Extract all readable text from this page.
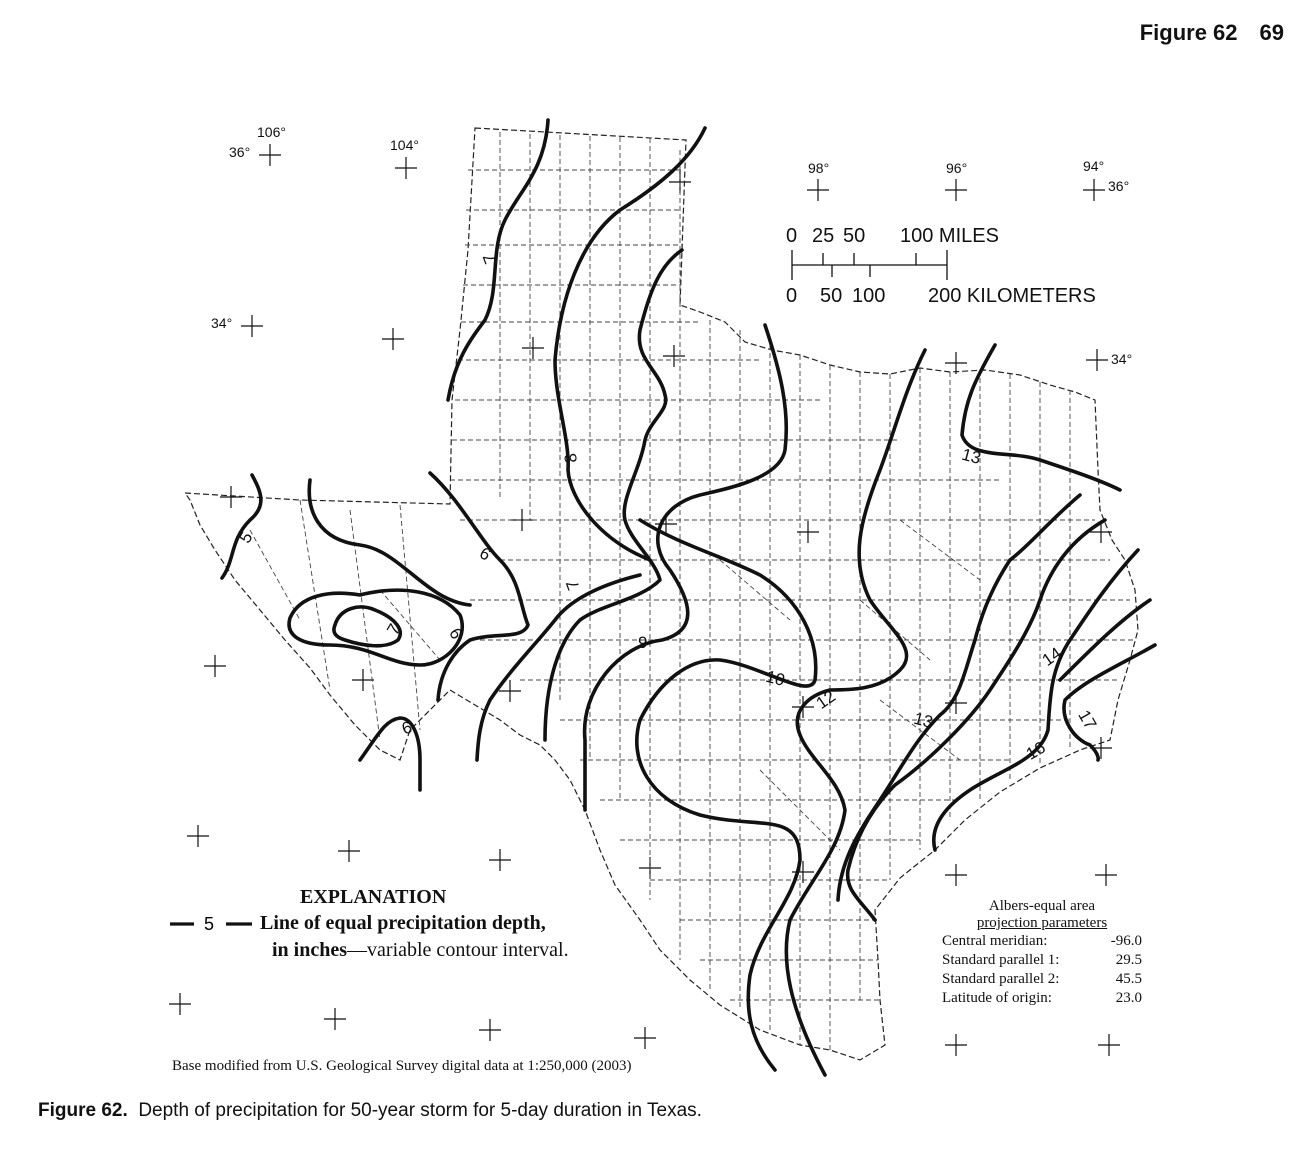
Figure 62 69
106°
36°	104°
98°	96°	94°
36°
34°
34°
5
6
6
7
6
7
7
8
9
10
12
13
13
14
16
17
0 25 50 100 MILES
0 50 100 200 KILOMETERS
5
EXPLANATION
Line of equal precipitation depth,
in inches—variable contour interval.
Albers-equal area
projection parameters
Central meridian:	-96.0
Standard parallel 1:	29.5
Standard parallel 2:	45.5
Latitude of origin:	23.0
Base modified from U.S. Geological Survey digital data at 1:250,000 (2003)
Figure 62. Depth of precipitation for 50-year storm for 5-day duration in Texas.
